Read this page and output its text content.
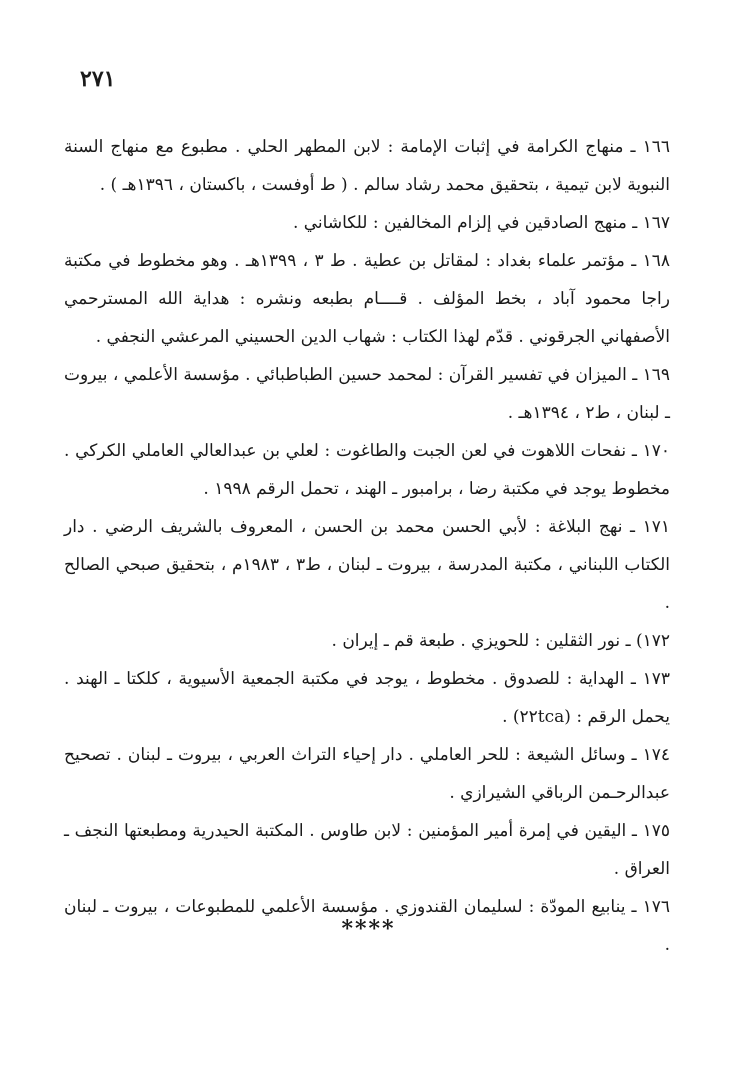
٢٧١

١٦٦ ـ منهاج الكرامة في إثبات الإمامة : لابن المطهر الحلي . مطبوع مع منهاج السنة النبوية لابن تيمية ، بتحقيق محمد رشاد سالم . ( ط أوفست ، باكستان ، ١٣٩٦هـ ) .

١٦٧ ـ منهج الصادقين في إلزام المخالفين : للكاشاني .

١٦٨ ـ مؤتمر علماء بغداد : لمقاتل بن عطية . ط ٣ ، ١٣٩٩هـ . وهو مخطوط في مكتبة راجا محمود آباد ، بخط المؤلف . قــــام بطبعه ونشره : هداية الله المسترحمي الأصفهاني الجرقوني . قدّم لهذا الكتاب : شهاب الدين الحسيني المرعشي النجفي .

١٦٩ ـ الميزان في تفسير القرآن : لمحمد حسين الطباطبائي . مؤسسة الأعلمي ، بيروت ـ لبنان ، ط٢ ، ١٣٩٤هـ .

١٧٠ ـ نفحات اللاهوت في لعن الجبت والطاغوت : لعلي بن عبدالعالي العاملي الكركي . مخطوط يوجد في مكتبة رضا ، برامبور ـ الهند ، تحمل الرقم ١٩٩٨ .

١٧١ ـ نهج البلاغة : لأبي الحسن محمد بن الحسن ، المعروف بالشريف الرضي . دار الكتاب اللبناني ، مكتبة المدرسة ، بيروت ـ لبنان ، ط٣ ، ١٩٨٣م ، بتحقيق صبحي الصالح .

١٧٢) ـ نور الثقلين : للحويزي . طبعة قم ـ إيران .

١٧٣ ـ الهداية : للصدوق . مخطوط ، يوجد في مكتبة الجمعية الأسيوية ، كلكتا ـ الهند . يحمل الرقم : (٢٢tca) .

١٧٤ ـ وسائل الشيعة : للحر العاملي . دار إحياء التراث العربي ، بيروت ـ لبنان . تصحيح عبدالرحـمن الرباقي الشيرازي .

١٧٥ ـ اليقين في إمرة أمير المؤمنين : لابن طاوس . المكتبة الحيدرية ومطبعتها النجف ـ العراق .

١٧٦ ـ ينابيع المودّة : لسليمان القندوزي . مؤسسة الأعلمي للمطبوعات ، بيروت ـ لبنان .

****
